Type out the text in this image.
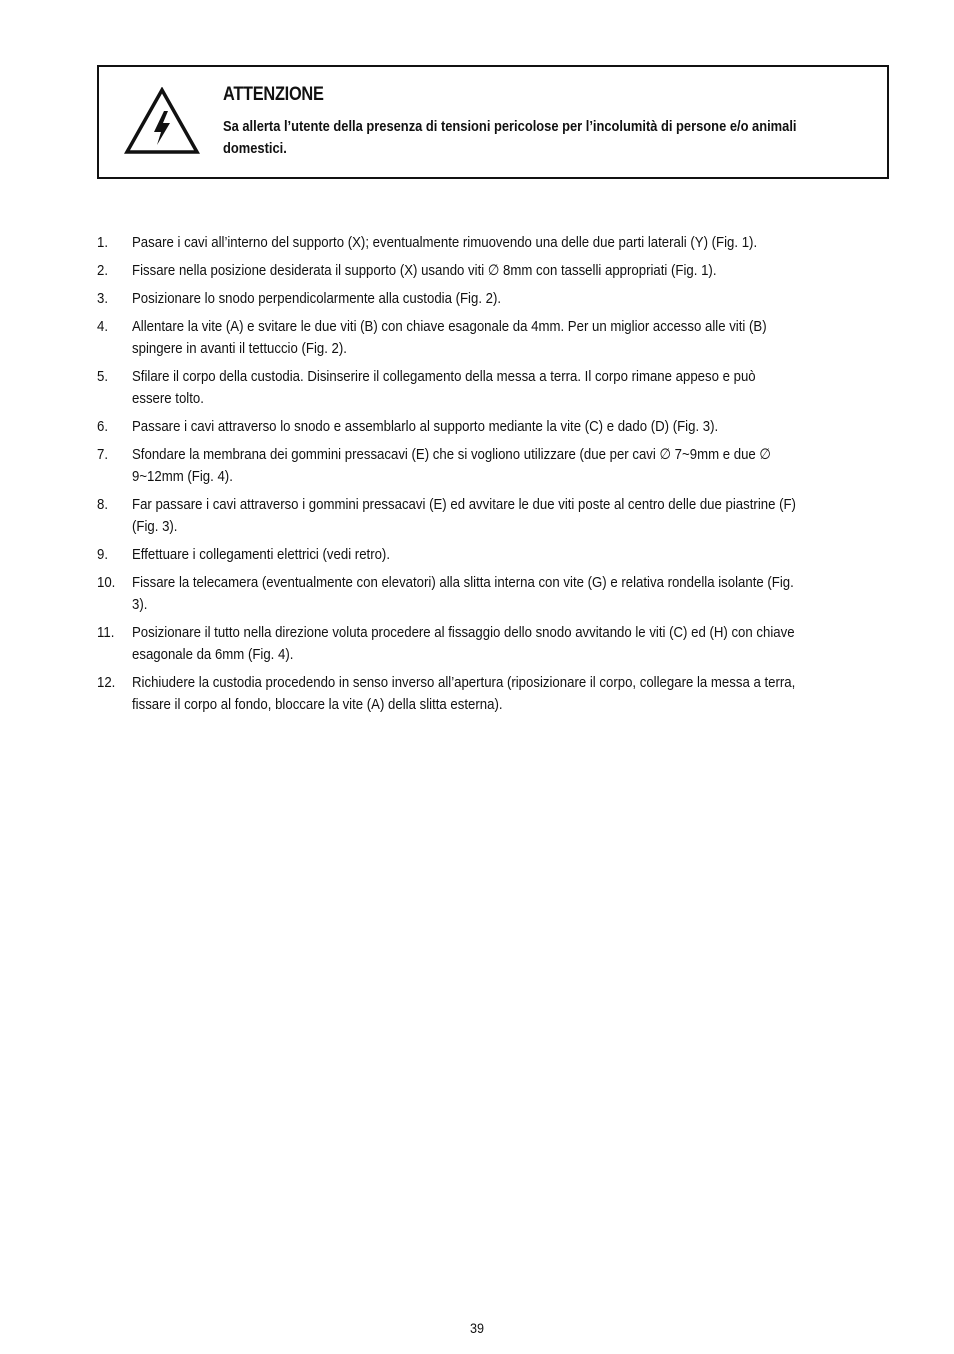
ATTENZIONE
Sa allerta l’utente della presenza di tensioni pericolose per l’incolumità di persone e/o animali domestici.
1.	Pasare i cavi all’interno del supporto (X); eventualmente rimuovendo una delle due parti laterali (Y) (Fig. 1).
2.	Fissare nella posizione desiderata il supporto (X) usando viti ∅ 8mm con tasselli appropriati (Fig. 1).
3.	Posizionare lo snodo perpendicolarmente alla custodia (Fig. 2).
4.	Allentare la vite (A) e svitare le due viti (B) con chiave esagonale da 4mm. Per un miglior accesso alle viti (B) spingere in avanti il tettuccio (Fig. 2).
5.	Sfilare il corpo della custodia. Disinserire il collegamento della messa a terra. Il corpo rimane appeso e può essere tolto.
6.	Passare i cavi attraverso lo snodo e assemblarlo al supporto mediante la vite (C) e dado (D) (Fig. 3).
7.	Sfondare la membrana dei gommini pressacavi (E) che si vogliono utilizzare (due per cavi ∅ 7~9mm e due ∅ 9~12mm (Fig. 4).
8.	Far passare i cavi attraverso i gommini pressacavi (E) ed avvitare le due viti poste al centro delle due piastrine (F) (Fig. 3).
9.	Effettuare i collegamenti elettrici (vedi retro).
10.	Fissare la telecamera (eventualmente con elevatori) alla slitta interna con vite (G) e relativa rondella isolante (Fig. 3).
11.	Posizionare il tutto nella direzione voluta procedere al fissaggio dello snodo avvitando le viti (C) ed (H) con chiave esagonale da 6mm (Fig. 4).
12.	Richiudere la custodia procedendo in senso inverso all’apertura (riposizionare il corpo, collegare la messa a terra, fissare il corpo al fondo, bloccare la vite (A) della slitta esterna).
39
